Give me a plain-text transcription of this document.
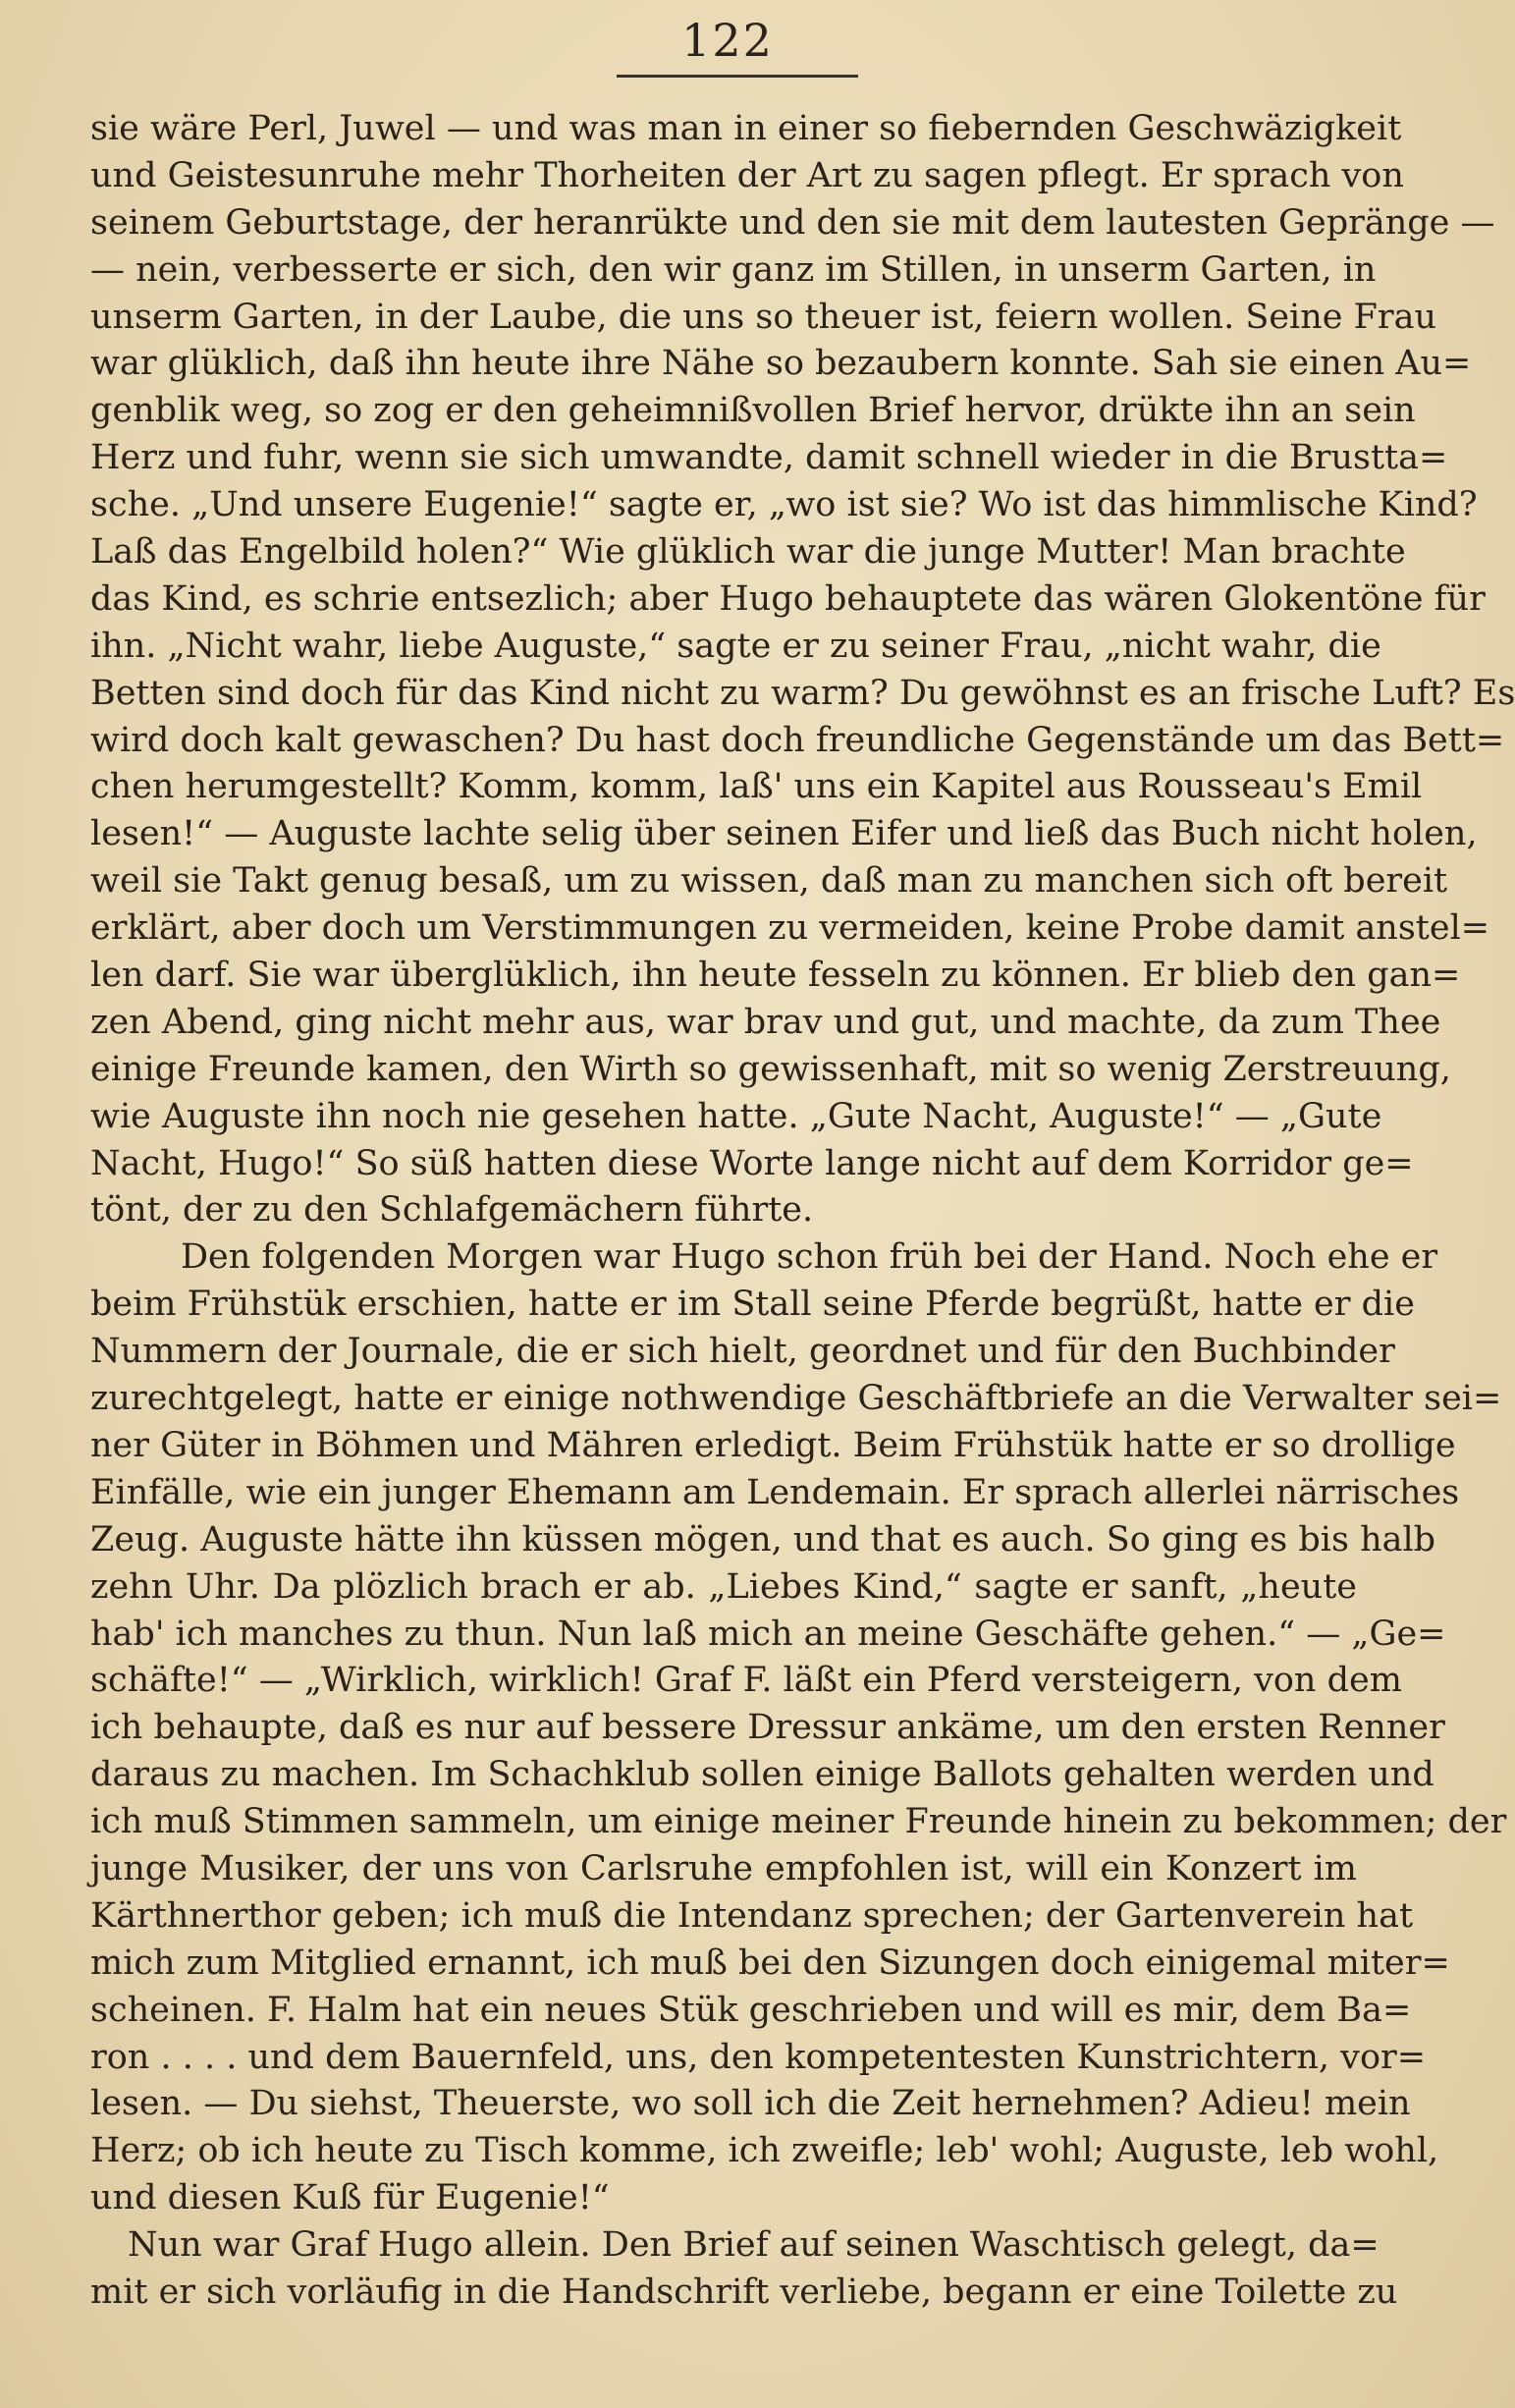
122
sie wäre Perl, Juwel — und was man in einer so fiebernden Geschwäzigkeit
und Geistesunruhe mehr Thorheiten der Art zu sagen pflegt. Er sprach von
seinem Geburtstage, der heranrükte und den sie mit dem lautesten Gepränge —
— nein, verbesserte er sich, den wir ganz im Stillen, in unserm Garten, in
unserm Garten, in der Laube, die uns so theuer ist, feiern wollen. Seine Frau
war glüklich, daß ihn heute ihre Nähe so bezaubern konnte. Sah sie einen Au=
genblik weg, so zog er den geheimnißvollen Brief hervor, drükte ihn an sein
Herz und fuhr, wenn sie sich umwandte, damit schnell wieder in die Brustta=
sche. „Und unsere Eugenie!“ sagte er, „wo ist sie? Wo ist das himmlische Kind?
Laß das Engelbild holen?“ Wie glüklich war die junge Mutter! Man brachte
das Kind, es schrie entsezlich; aber Hugo behauptete das wären Glokentöne für
ihn. „Nicht wahr, liebe Auguste,“ sagte er zu seiner Frau, „nicht wahr, die
Betten sind doch für das Kind nicht zu warm? Du gewöhnst es an frische Luft? Es
wird doch kalt gewaschen? Du hast doch freundliche Gegenstände um das Bett=
chen herumgestellt? Komm, komm, laß' uns ein Kapitel aus Rousseau's Emil
lesen!“ — Auguste lachte selig über seinen Eifer und ließ das Buch nicht holen,
weil sie Takt genug besaß, um zu wissen, daß man zu manchen sich oft bereit
erklärt, aber doch um Verstimmungen zu vermeiden, keine Probe damit anstel=
len darf. Sie war überglüklich, ihn heute fesseln zu können. Er blieb den gan=
zen Abend, ging nicht mehr aus, war brav und gut, und machte, da zum Thee
einige Freunde kamen, den Wirth so gewissenhaft, mit so wenig Zerstreuung,
wie Auguste ihn noch nie gesehen hatte. „Gute Nacht, Auguste!“ — „Gute
Nacht, Hugo!“ So süß hatten diese Worte lange nicht auf dem Korridor ge=
tönt, der zu den Schlafgemächern führte.
Den folgenden Morgen war Hugo schon früh bei der Hand. Noch ehe er
beim Frühstük erschien, hatte er im Stall seine Pferde begrüßt, hatte er die
Nummern der Journale, die er sich hielt, geordnet und für den Buchbinder
zurechtgelegt, hatte er einige nothwendige Geschäftbriefe an die Verwalter sei=
ner Güter in Böhmen und Mähren erledigt. Beim Frühstük hatte er so drollige
Einfälle, wie ein junger Ehemann am Lendemain. Er sprach allerlei närrisches
Zeug. Auguste hätte ihn küssen mögen, und that es auch. So ging es bis halb
zehn Uhr. Da plözlich brach er ab. „Liebes Kind,“ sagte er sanft, „heute
hab' ich manches zu thun. Nun laß mich an meine Geschäfte gehen.“ — „Ge=
schäfte!“ — „Wirklich, wirklich! Graf F. läßt ein Pferd versteigern, von dem
ich behaupte, daß es nur auf bessere Dressur ankäme, um den ersten Renner
daraus zu machen. Im Schachklub sollen einige Ballots gehalten werden und
ich muß Stimmen sammeln, um einige meiner Freunde hinein zu bekommen; der
junge Musiker, der uns von Carlsruhe empfohlen ist, will ein Konzert im
Kärthnerthor geben; ich muß die Intendanz sprechen; der Gartenverein hat
mich zum Mitglied ernannt, ich muß bei den Sizungen doch einigemal miter=
scheinen. F. Halm hat ein neues Stük geschrieben und will es mir, dem Ba=
ron . . . . und dem Bauernfeld, uns, den kompetentesten Kunstrichtern, vor=
lesen. — Du siehst, Theuerste, wo soll ich die Zeit hernehmen? Adieu! mein
Herz; ob ich heute zu Tisch komme, ich zweifle; leb' wohl; Auguste, leb wohl,
und diesen Kuß für Eugenie!“
Nun war Graf Hugo allein. Den Brief auf seinen Waschtisch gelegt, da=
mit er sich vorläufig in die Handschrift verliebe, begann er eine Toilette zu
